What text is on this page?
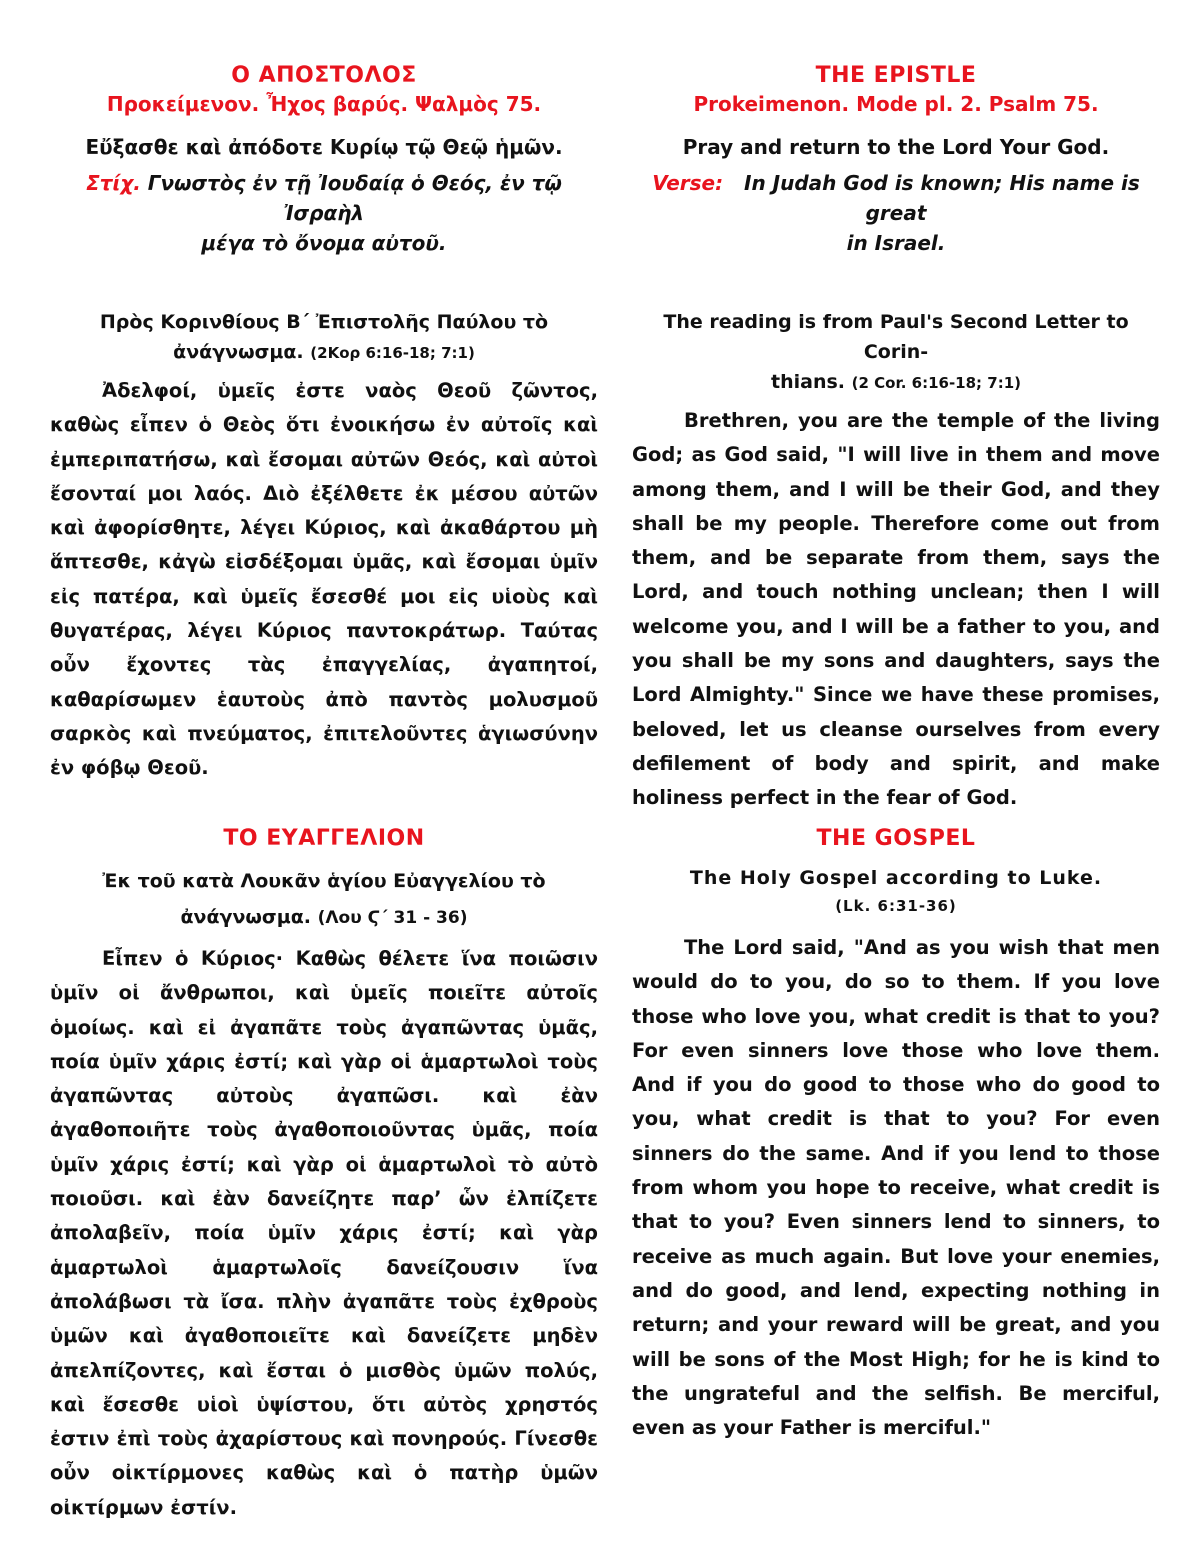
Ο ΑΠΟΣΤΟΛΟΣ

Προκείμενον. Ἦχος βαρύς. Ψαλμὸς 75.

Εὔξασθε καὶ ἀπόδοτε Κυρίῳ τῷ Θεῷ ἡμῶν.

Στίχ. Γνωστὸς ἐν τῇ Ἰουδαίᾳ ὁ Θεός, ἐν τῷ Ἰσραὴλ
μέγα τὸ ὄνομα αὐτοῦ.

Πρὸς Κορινθίους Β΄ Ἐπιστολῆς Παύλου τὸ
ἀνάγνωσμα. (2Κορ 6:16-18; 7:1)

Ἀδελφοί, ὑμεῖς ἐστε ναὸς Θεοῦ ζῶντος, καθὼς εἶπεν ὁ Θεὸς ὅτι ἐνοικήσω ἐν αὐτοῖς καὶ ἐμπεριπατήσω, καὶ ἔσομαι αὐτῶν Θεός, καὶ αὐτοὶ ἔσονταί μοι λαός. Διὸ ἐξέλθετε ἐκ μέσου αὐτῶν καὶ ἀφορίσθητε, λέγει Κύριος, καὶ ἀκαθάρτου μὴ ἅπτεσθε, κἀγὼ εἰσδέξομαι ὑμᾶς, καὶ ἔσομαι ὑμῖν εἰς πατέρα, καὶ ὑμεῖς ἔσεσθέ μοι εἰς υἱοὺς καὶ θυγατέρας, λέγει Κύριος παντοκράτωρ. Ταύτας οὖν ἔχοντες τὰς ἐπαγγελίας, ἀγαπητοί, καθαρίσωμεν ἑαυτοὺς ἀπὸ παντὸς μολυσμοῦ σαρκὸς καὶ πνεύματος, ἐπιτελοῦντες ἁγιωσύνην ἐν φόβῳ Θεοῦ.

ΤΟ ΕΥΑΓΓΕΛΙΟΝ

Ἐκ τοῦ κατὰ Λουκᾶν ἁγίου Εὐαγγελίου τὸ
ἀνάγνωσμα. (Λου Ϛ΄ 31 - 36)

Εἶπεν ὁ Κύριος· Καθὼς θέλετε ἵνα ποιῶσιν ὑμῖν οἱ ἄνθρωποι, καὶ ὑμεῖς ποιεῖτε αὐτοῖς ὁμοίως. καὶ εἰ ἀγαπᾶτε τοὺς ἀγαπῶντας ὑμᾶς, ποία ὑμῖν χάρις ἐστί; καὶ γὰρ οἱ ἁμαρτωλοὶ τοὺς ἀγαπῶντας αὐτοὺς ἀγαπῶσι. καὶ ἐὰν ἀγαθοποιῆτε τοὺς ἀγαθοποιοῦντας ὑμᾶς, ποία ὑμῖν χάρις ἐστί; καὶ γὰρ οἱ ἁμαρτωλοὶ τὸ αὐτὸ ποιοῦσι. καὶ ἐὰν δανείζητε παρ’ ὧν ἐλπίζετε ἀπολαβεῖν, ποία ὑμῖν χάρις ἐστί; καὶ γὰρ ἁμαρτωλοὶ ἁμαρτωλοῖς δανείζουσιν ἵνα ἀπολάβωσι τὰ ἴσα. πλὴν ἀγαπᾶτε τοὺς ἐχθροὺς ὑμῶν καὶ ἀγαθοποιεῖτε καὶ δανείζετε μηδὲν ἀπελπίζοντες, καὶ ἔσται ὁ μισθὸς ὑμῶν πολύς, καὶ ἔσεσθε υἱοὶ ὑψίστου, ὅτι αὐτὸς χρηστός ἐστιν ἐπὶ τοὺς ἀχαρίστους καὶ πονηρούς. Γίνεσθε οὖν οἰκτίρμονες καθὼς καὶ ὁ πατὴρ ὑμῶν οἰκτίρμων ἐστίν.

THE EPISTLE

Prokeimenon. Mode pl. 2. Psalm 75.

Pray and return to the Lord Your God.

Verse: In Judah God is known; His name is great
in Israel.

The reading is from Paul's Second Letter to Corin-
thians. (2 Cor. 6:16-18; 7:1)

Brethren, you are the temple of the living God; as God said, "I will live in them and move among them, and I will be their God, and they shall be my people. Therefore come out from them, and be separate from them, says the Lord, and touch nothing unclean; then I will welcome you, and I will be a father to you, and you shall be my sons and daughters, says the Lord Almighty." Since we have these promises, beloved, let us cleanse ourselves from every defilement of body and spirit, and make holiness perfect in the fear of God.

THE GOSPEL

The Holy Gospel according to Luke.

(Lk. 6:31-36)

The Lord said, "And as you wish that men would do to you, do so to them. If you love those who love you, what credit is that to you? For even sinners love those who love them. And if you do good to those who do good to you, what credit is that to you? For even sinners do the same. And if you lend to those from whom you hope to receive, what credit is that to you? Even sinners lend to sinners, to receive as much again. But love your enemies, and do good, and lend, expecting nothing in return; and your reward will be great, and you will be sons of the Most High; for he is kind to the ungrateful and the selfish. Be merciful, even as your Father is merciful."
